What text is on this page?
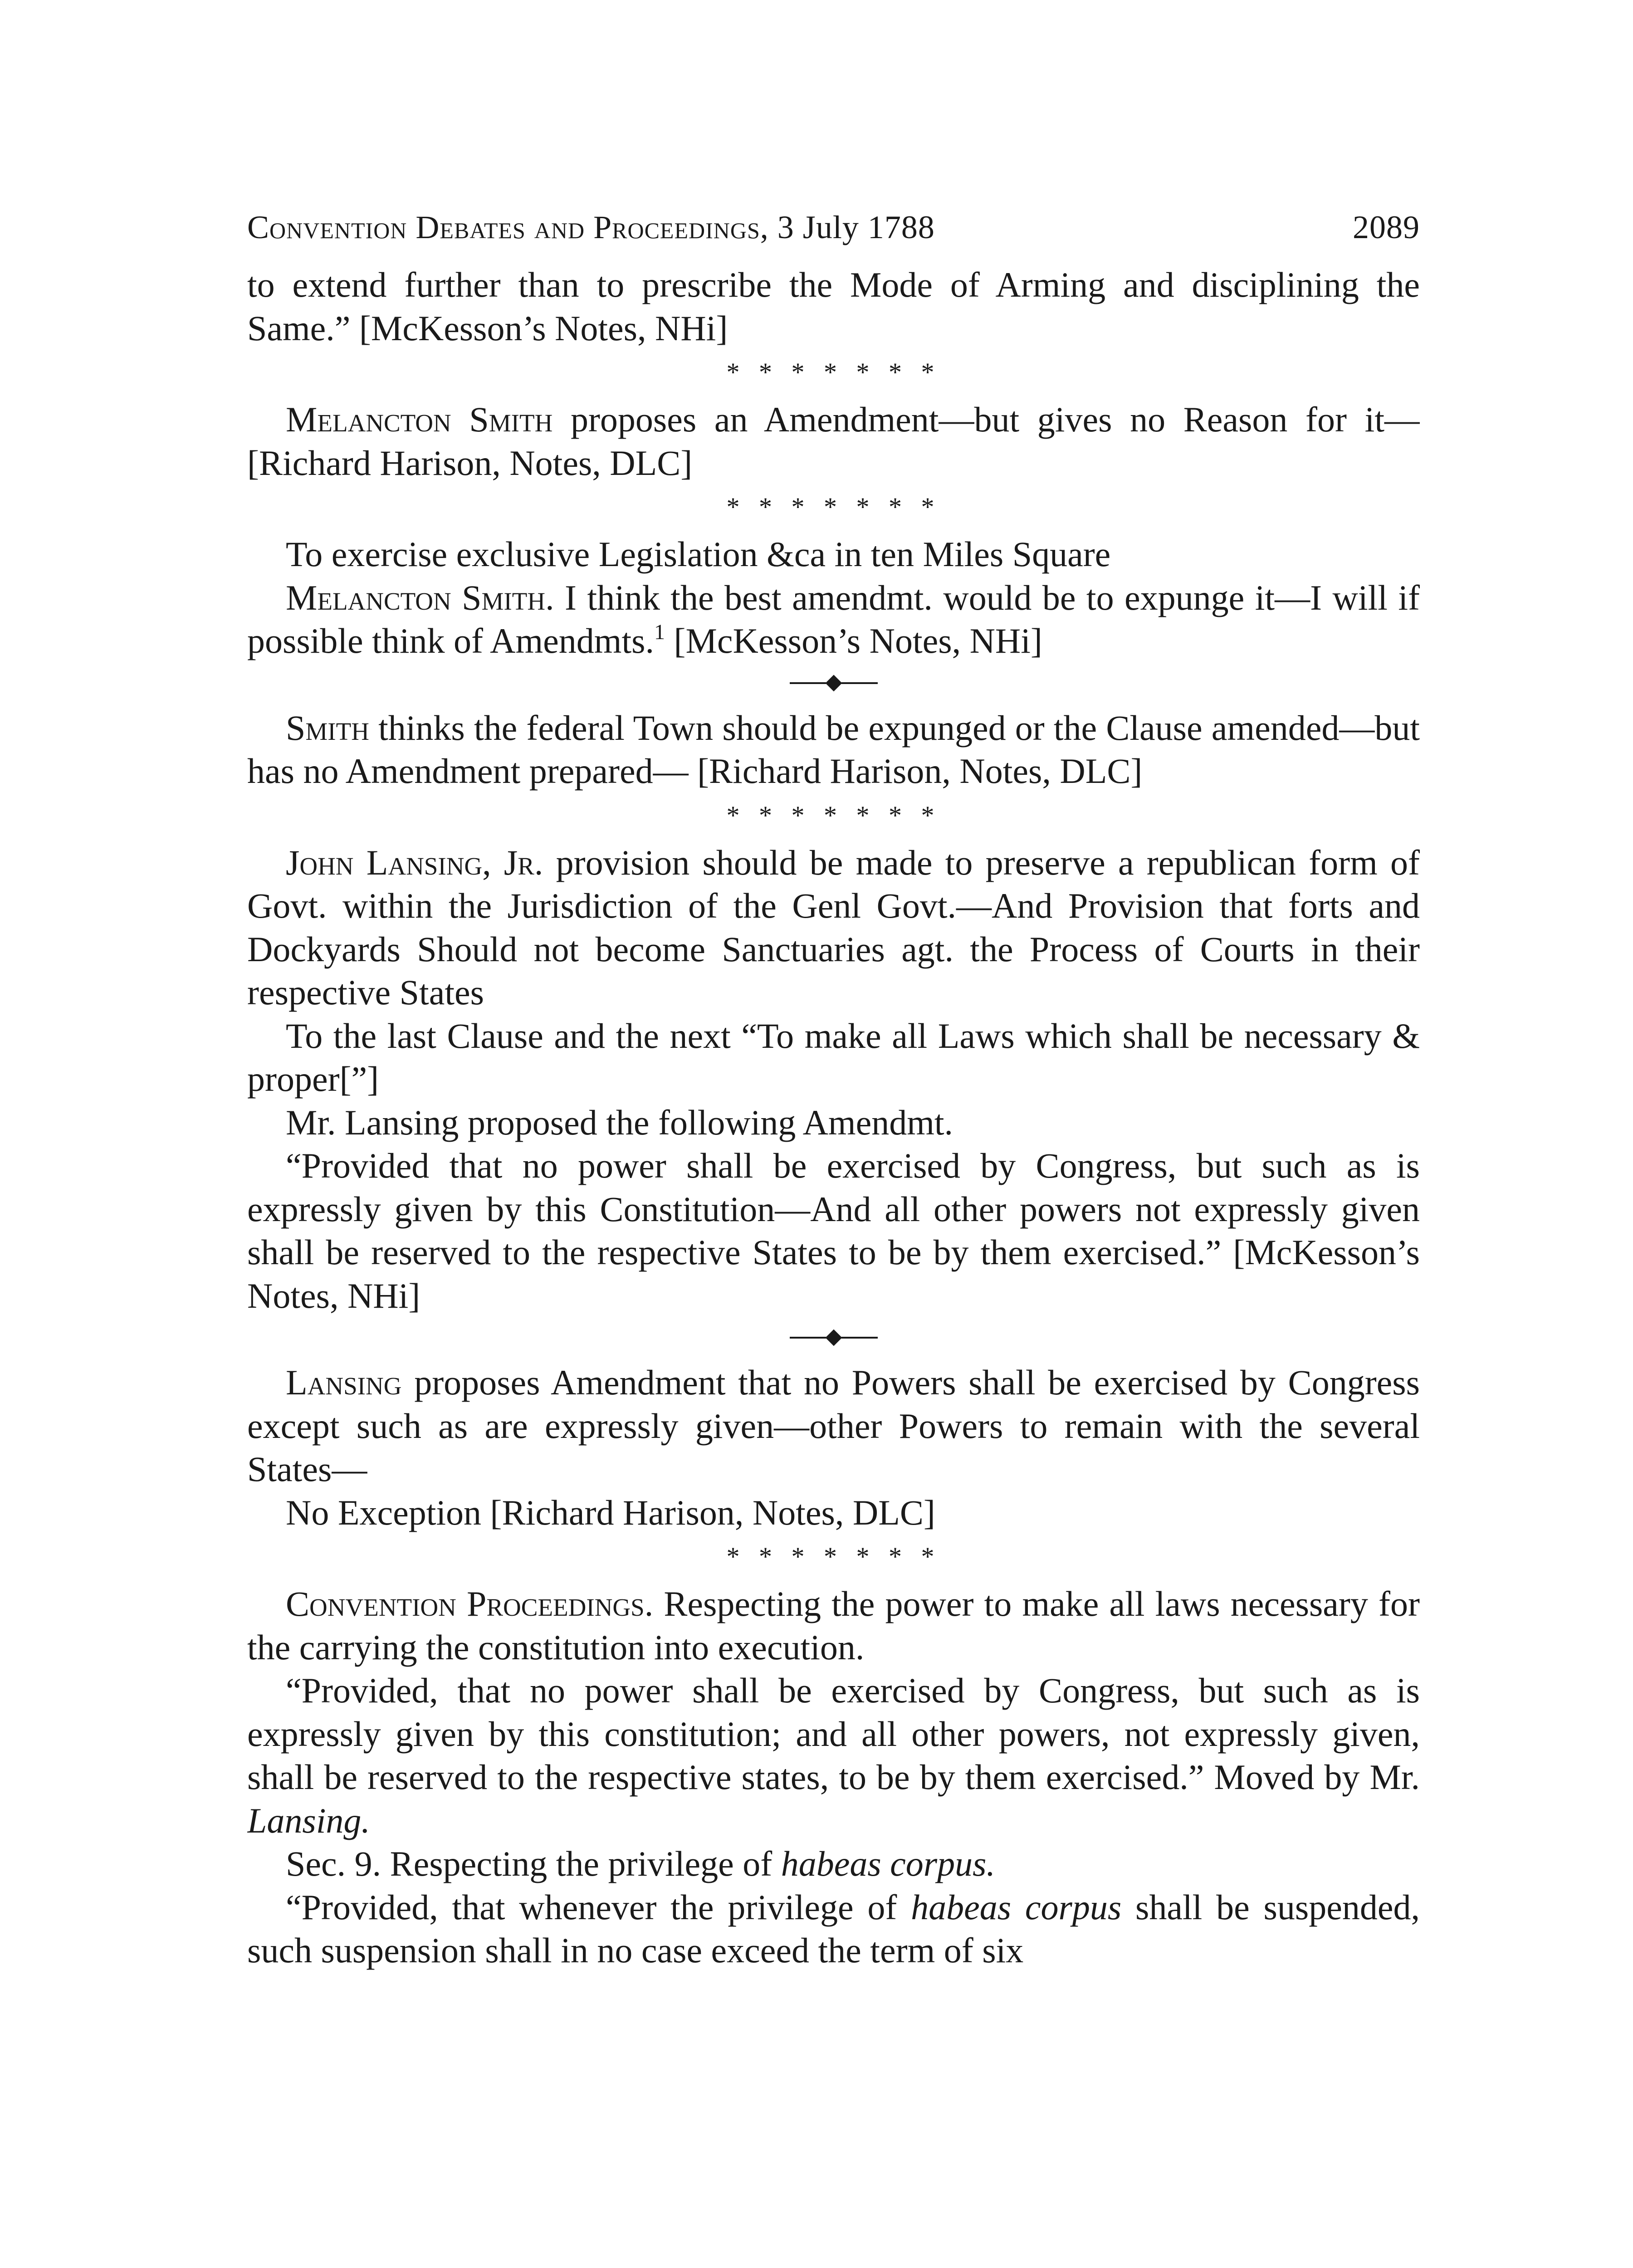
Convention Debates and Proceedings, 3 July 1788	2089

to extend further than to prescribe the Mode of Arming and disciplining the Same.” [McKesson’s Notes, NHi]

* * * * * * *

Melancton Smith proposes an Amendment—but gives no Reason for it— [Richard Harison, Notes, DLC]

* * * * * * *

To exercise exclusive Legislation &ca in ten Miles Square

Melancton Smith. I think the best amendmt. would be to expunge it—I will if possible think of Amendmts.$^1$ [McKesson’s Notes, NHi]

Smith thinks the federal Town should be expunged or the Clause amended—but has no Amendment prepared— [Richard Harison, Notes, DLC]

* * * * * * *

John Lansing, Jr. provision should be made to preserve a republican form of Govt. within the Jurisdiction of the Genl Govt.—And Provision that forts and Dockyards Should not become Sanctuaries agt. the Process of Courts in their respective States

To the last Clause and the next “To make all Laws which shall be necessary & proper[”]

Mr. Lansing proposed the following Amendmt.

“Provided that no power shall be exercised by Congress, but such as is expressly given by this Constitution—And all other powers not expressly given shall be reserved to the respective States to be by them exercised.” [McKesson’s Notes, NHi]

Lansing proposes Amendment that no Powers shall be exercised by Congress except such as are expressly given—other Powers to remain with the several States—

No Exception [Richard Harison, Notes, DLC]

* * * * * * *

Convention Proceedings. Respecting the power to make all laws necessary for the carrying the constitution into execution.

“Provided, that no power shall be exercised by Congress, but such as is expressly given by this constitution; and all other powers, not expressly given, shall be reserved to the respective states, to be by them exercised.” Moved by Mr. Lansing.

Sec. 9. Respecting the privilege of habeas corpus.

“Provided, that whenever the privilege of habeas corpus shall be suspended, such suspension shall in no case exceed the term of six
